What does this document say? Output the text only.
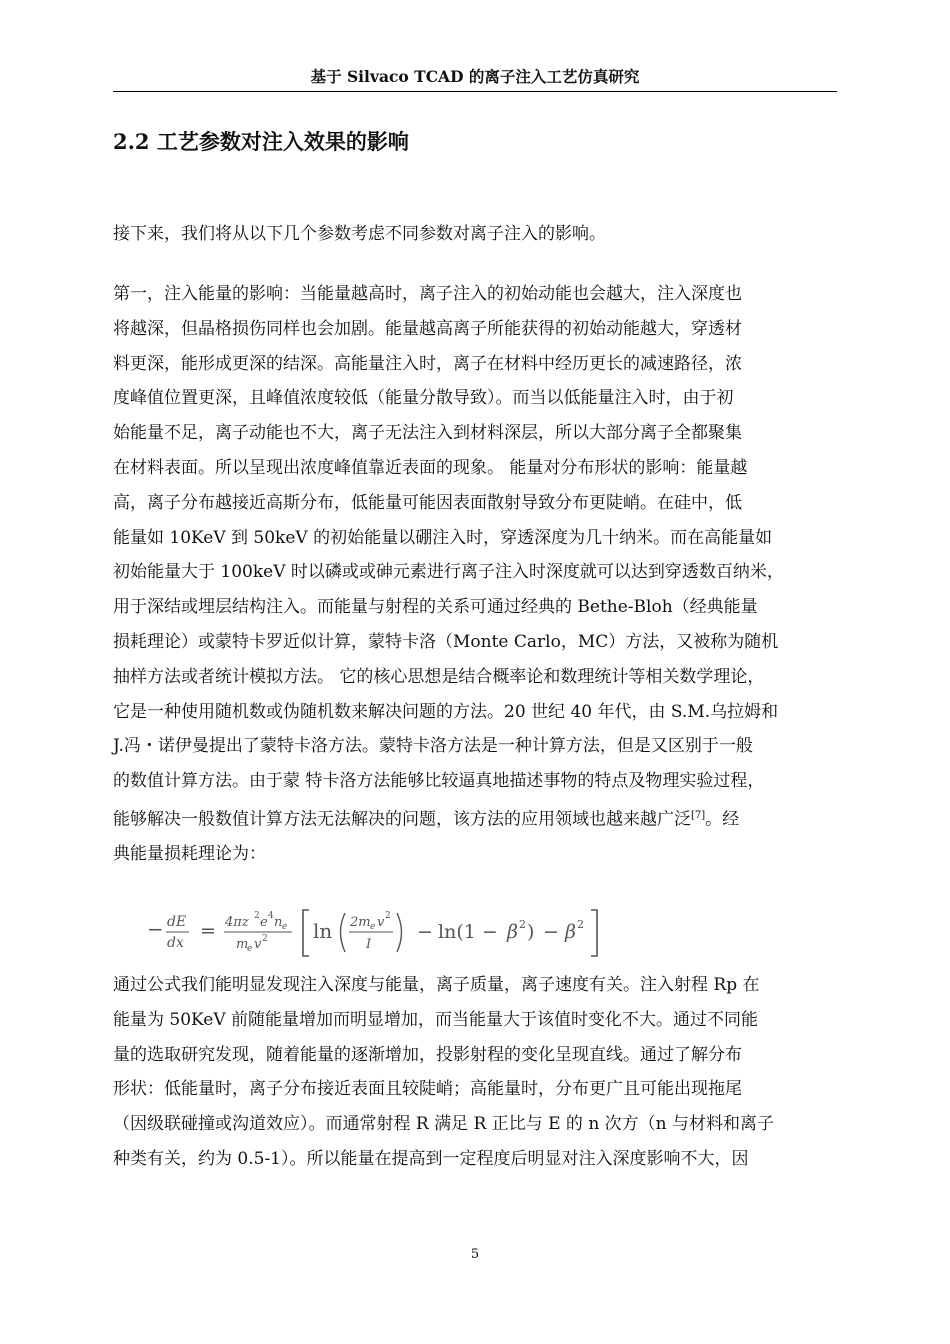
基于 Silvaco TCAD 的离子注入工艺仿真研究
2.2 工艺参数对注入效果的影响

接下来，我们将从以下几个参数考虑不同参数对离子注入的影响。

第一，注入能量的影响：当能量越高时，离子注入的初始动能也会越大，注入深度也
将越深，但晶格损伤同样也会加剧。能量越高离子所能获得的初始动能越大，穿透材
料更深，能形成更深的结深。高能量注入时，离子在材料中经历更长的减速路径，浓
度峰值位置更深，且峰值浓度较低（能量分散导致）。而当以低能量注入时，由于初
始能量不足，离子动能也不大，离子无法注入到材料深层，所以大部分离子全都聚集
在材料表面。所以呈现出浓度峰值靠近表面的现象。 能量对分布形状的影响：能量越
高，离子分布越接近高斯分布，低能量可能因表面散射导致分布更陡峭。在硅中，低
能量如 10KeV 到 50keV 的初始能量以硼注入时，穿透深度为几十纳米。而在高能量如
初始能量大于 100keV 时以磷或或砷元素进行离子注入时深度就可以达到穿透数百纳米，
用于深结或埋层结构注入。而能量与射程的关系可通过经典的 Bethe-Bloh（经典能量
损耗理论）或蒙特卡罗近似计算，蒙特卡洛（Monte Carlo，MC）方法，又被称为随机
抽样方法或者统计模拟方法。 它的核心思想是结合概率论和数理统计等相关数学理论，
它是一种使用随机数或伪随机数来解决问题的方法。20 世纪 40 年代，由 S.M.乌拉姆和
J.冯・诺伊曼提出了蒙特卡洛方法。蒙特卡洛方法是一种计算方法，但是又区别于一般
的数值计算方法。由于蒙 特卡洛方法能够比较逼真地描述事物的特点及物理实验过程，
能够解决一般数值计算方法无法解决的问题，该方法的应用领域也越来越广泛[7]。经
典能量损耗理论为：

− dE
dx
= 4πz 2 e 4 n e
m
e v 2 ln 2m e v 2
I
− ln(1 − β 2 ) − β 2

通过公式我们能明显发现注入深度与能量，离子质量，离子速度有关。注入射程 Rp 在
能量为 50KeV 前随能量增加而明显增加，而当能量大于该值时变化不大。通过不同能
量的选取研究发现，随着能量的逐渐增加，投影射程的变化呈现直线。通过了解分布
形状：低能量时，离子分布接近表面且较陡峭；高能量时，分布更广且可能出现拖尾
（因级联碰撞或沟道效应）。而通常射程 R 满足 R 正比与 E 的 n 次方（n 与材料和离子
种类有关，约为 0.5-1）。所以能量在提高到一定程度后明显对注入深度影响不大，因

5
